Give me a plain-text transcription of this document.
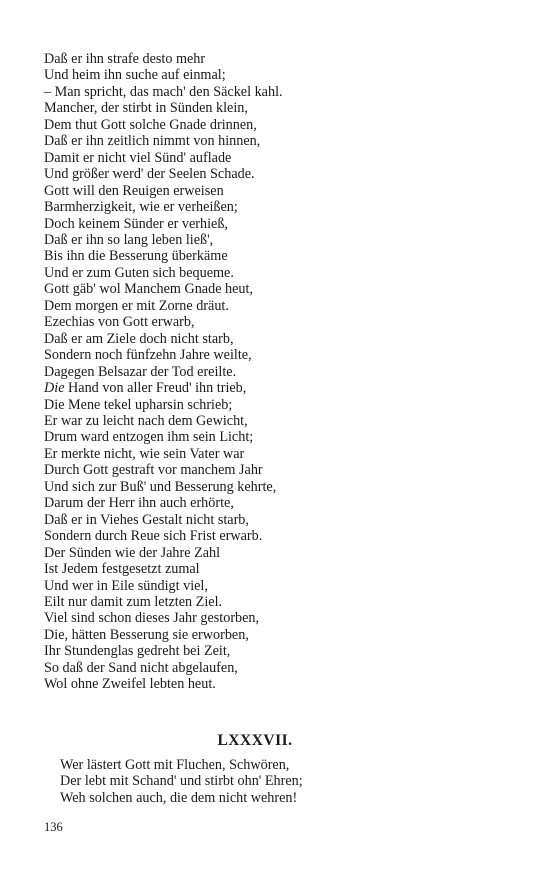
Daß er ihn strafe desto mehr
Und heim ihn suche auf einmal;
– Man spricht, das mach' den Säckel kahl.
Mancher, der stirbt in Sünden klein,
Dem thut Gott solche Gnade drinnen,
Daß er ihn zeitlich nimmt von hinnen,
Damit er nicht viel Sünd' auflade
Und größer werd' der Seelen Schade.
Gott will den Reuigen erweisen
Barmherzigkeit, wie er verheißen;
Doch keinem Sünder er verhieß,
Daß er ihn so lang leben ließ',
Bis ihn die Besserung überkäme
Und er zum Guten sich bequeme.
Gott gäb' wol Manchem Gnade heut,
Dem morgen er mit Zorne dräut.
Ezechias von Gott erwarb,
Daß er am Ziele doch nicht starb,
Sondern noch fünfzehn Jahre weilte,
Dagegen Belsazar der Tod ereilte.
Die Hand von aller Freud' ihn trieb,
Die Mene tekel upharsin schrieb;
Er war zu leicht nach dem Gewicht,
Drum ward entzogen ihm sein Licht;
Er merkte nicht, wie sein Vater war
Durch Gott gestraft vor manchem Jahr
Und sich zur Buß' und Besserung kehrte,
Darum der Herr ihn auch erhörte,
Daß er in Viehes Gestalt nicht starb,
Sondern durch Reue sich Frist erwarb.
Der Sünden wie der Jahre Zahl
Ist Jedem festgesetzt zumal
Und wer in Eile sündigt viel,
Eilt nur damit zum letzten Ziel.
Viel sind schon dieses Jahr gestorben,
Die, hätten Besserung sie erworben,
Ihr Stundenglas gedreht bei Zeit,
So daß der Sand nicht abgelaufen,
Wol ohne Zweifel lebten heut.
LXXXVII.
Wer lästert Gott mit Fluchen, Schwören,
Der lebt mit Schand' und stirbt ohn' Ehren;
Weh solchen auch, die dem nicht wehren!
136
